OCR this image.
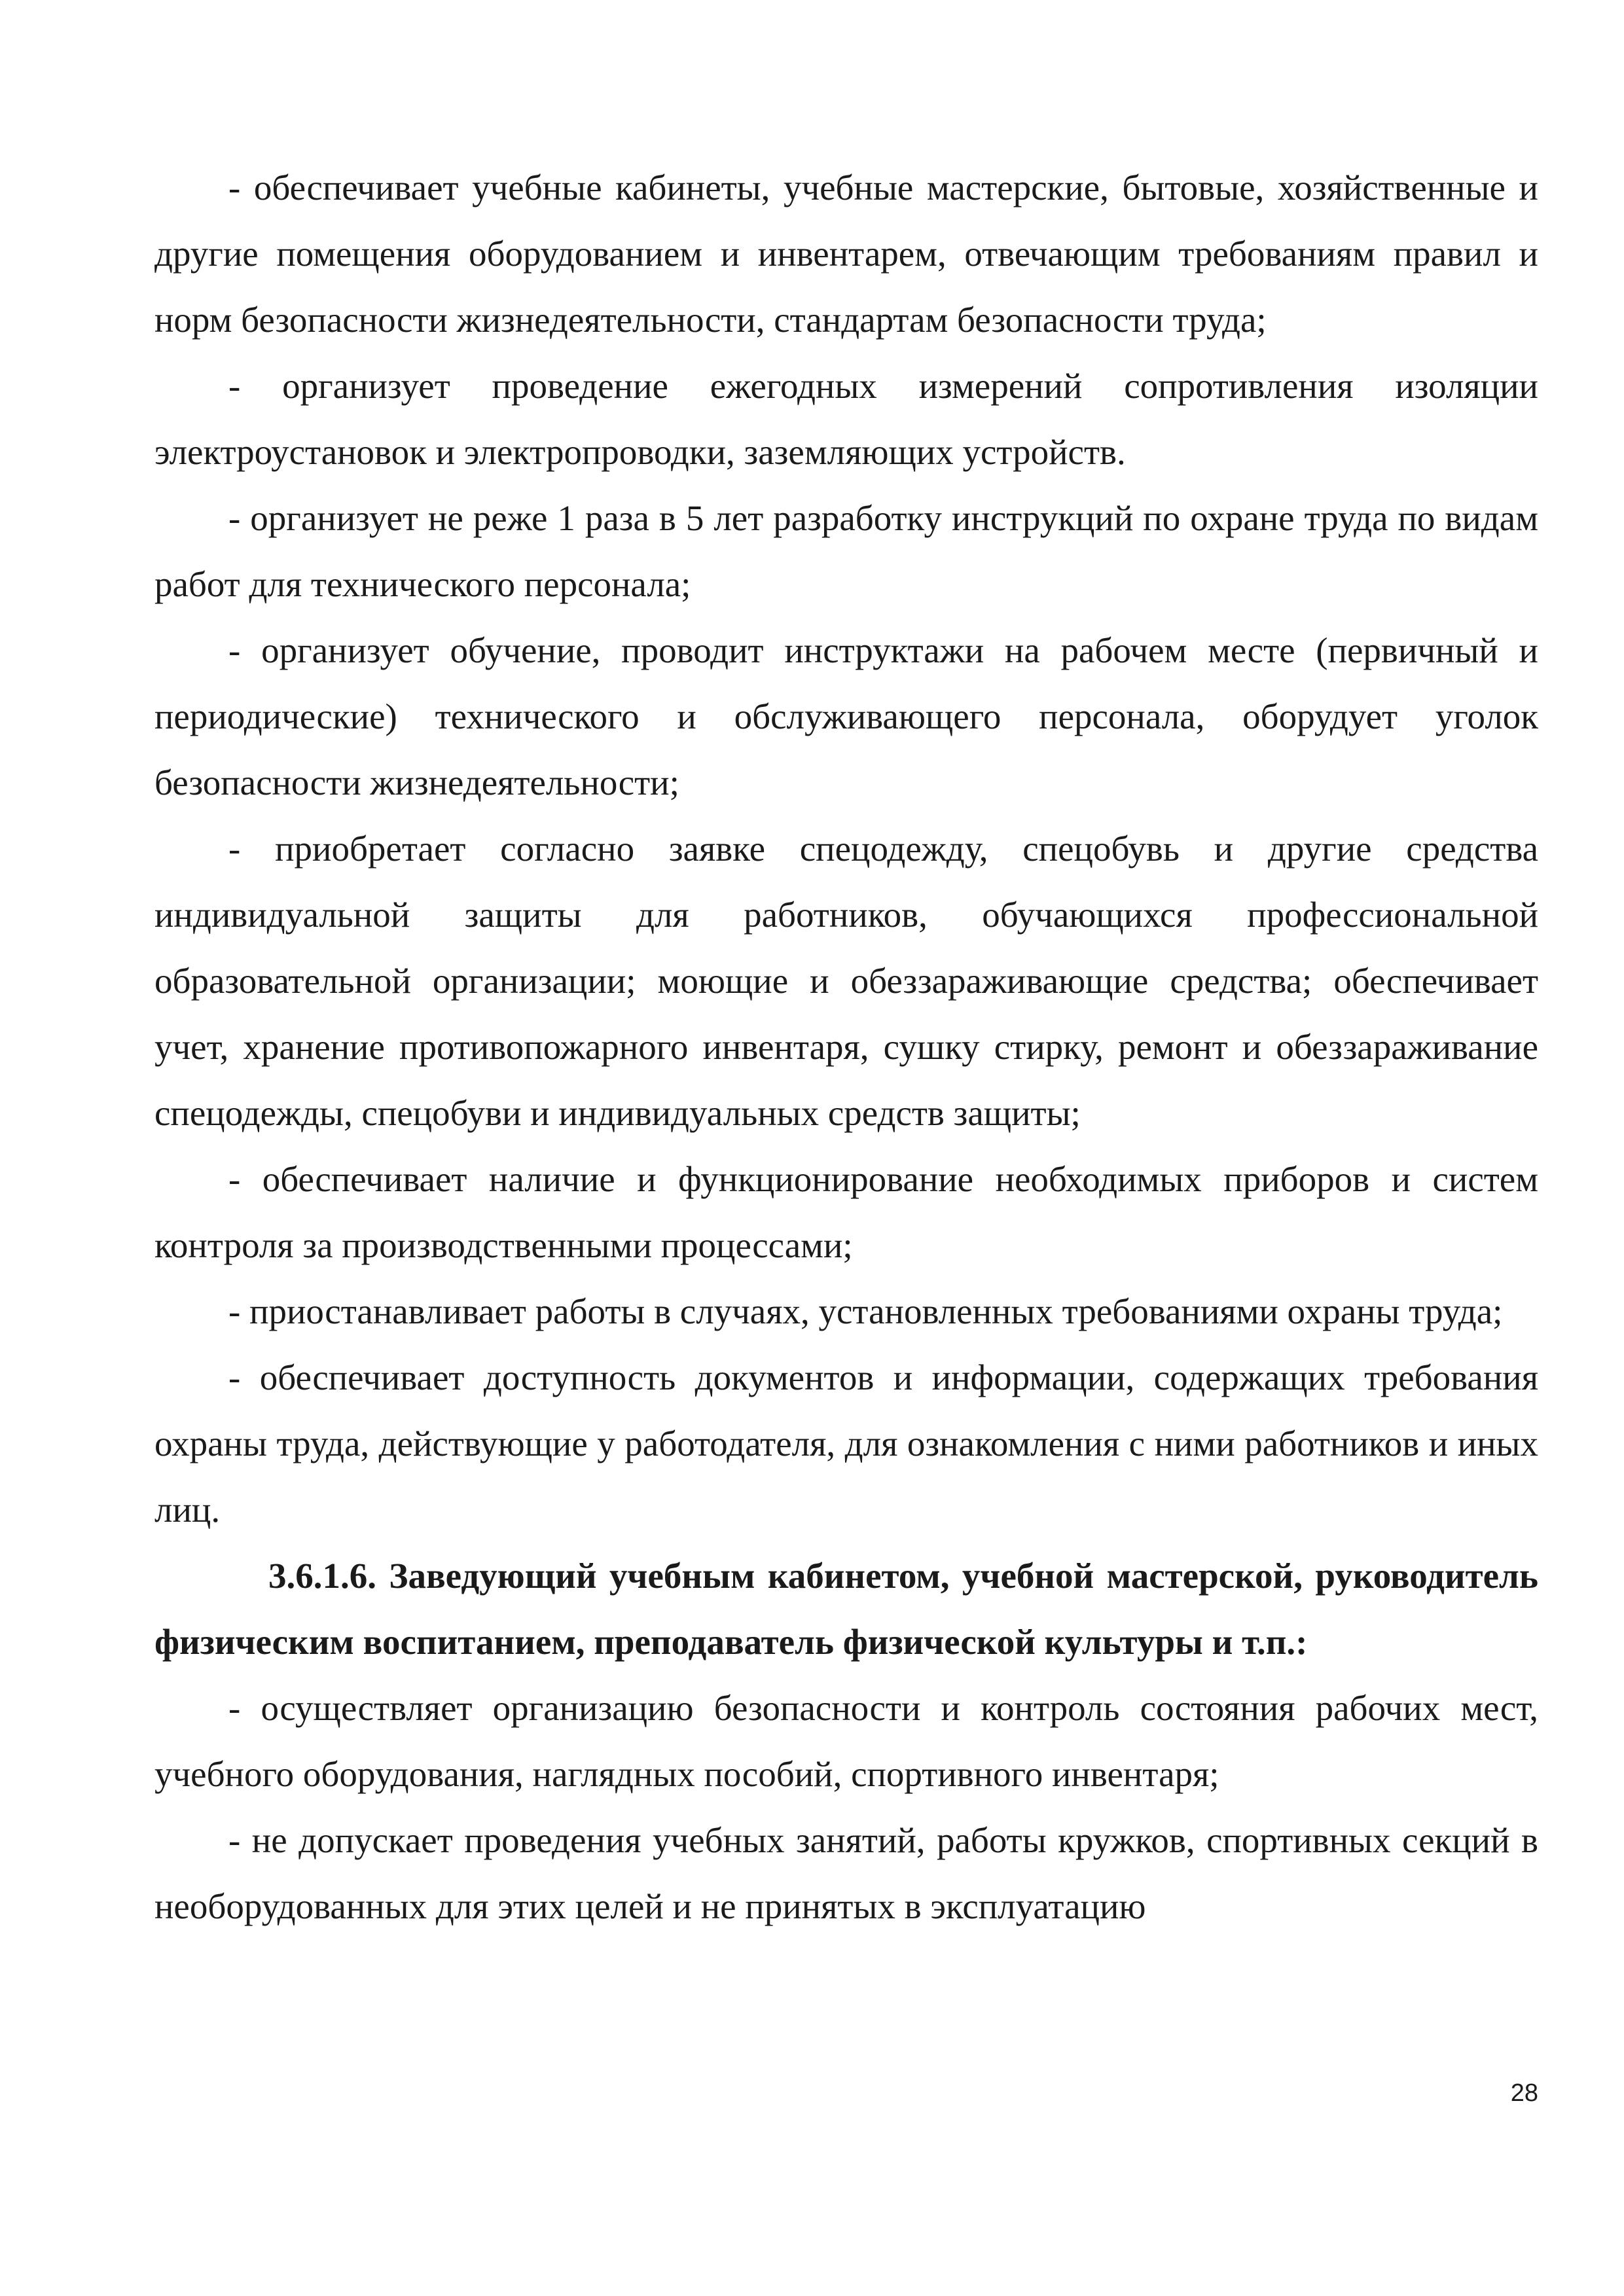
- обеспечивает учебные кабинеты, учебные мастерские, бытовые, хозяйственные и другие помещения оборудованием и инвентарем, отвечающим требованиям правил и норм безопасности жизнедеятельности, стандартам безопасности труда;

- организует проведение ежегодных измерений сопротивления изоляции электроустановок и электропроводки, заземляющих устройств.

- организует не реже 1 раза в 5 лет разработку инструкций по охране труда по видам работ для технического персонала;

- организует обучение, проводит инструктажи на рабочем месте (первичный и периодические) технического и обслуживающего персонала, оборудует уголок безопасности жизнедеятельности;

- приобретает согласно заявке спецодежду, спецобувь и другие средства индивидуальной защиты для работников, обучающихся профессиональной образовательной организации; моющие и обеззараживающие средства; обеспечивает учет, хранение противопожарного инвентаря, сушку стирку, ремонт и обеззараживание спецодежды, спецобуви и индивидуальных средств защиты;

- обеспечивает наличие и функционирование необходимых приборов и систем контроля за производственными процессами;

- приостанавливает работы в случаях, установленных требованиями охраны труда;

- обеспечивает доступность документов и информации, содержащих требования охраны труда, действующие у работодателя, для ознакомления с ними работников и иных лиц.

3.6.1.6. Заведующий учебным кабинетом, учебной мастерской, руководитель физическим воспитанием, преподаватель физической культуры и т.п.:

- осуществляет организацию безопасности и контроль состояния рабочих мест, учебного оборудования, наглядных пособий, спортивного инвентаря;

- не допускает проведения учебных занятий, работы кружков, спортивных секций в необорудованных для этих целей и не принятых в эксплуатацию

28
